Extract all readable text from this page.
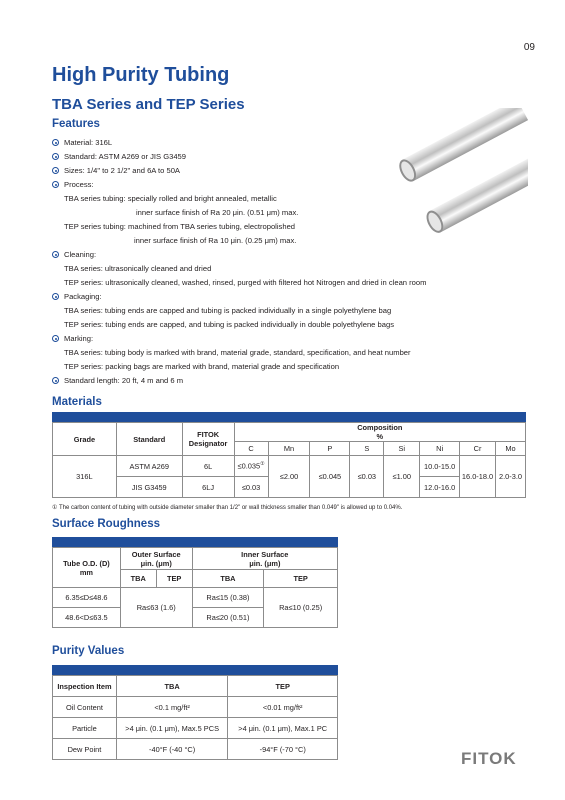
09
High Purity Tubing
TBA Series and TEP Series
Features
Material: 316L
Standard: ASTM A269 or JIS G3459
Sizes: 1/4" to 2 1/2" and 6A to 50A
Process:
TBA series tubing: specially rolled and bright annealed, metallic
inner surface finish of Ra 20 μin. (0.51 μm) max.
TEP series tubing: machined from TBA series tubing, electropolished
inner surface finish of Ra 10 μin. (0.25 μm) max.
Cleaning:
TBA series: ultrasonically cleaned and dried
TEP series: ultrasonically cleaned, washed, rinsed, purged with filtered hot Nitrogen and dried in clean room
Packaging:
TBA series: tubing ends are capped and tubing is packed individually in a single polyethylene bag
TEP series: tubing ends are capped, and tubing is packed individually in double polyethylene bags
Marking:
TBA series: tubing body is marked with brand, material grade, standard, specification, and heat number
TEP series: packing bags are marked with brand, material grade and specification
Standard length: 20 ft, 4 m and 6 m
Materials
Grade	Standard	FITOK
Designator	Composition
%							
			C	Mn	P	S	Si	Ni	Cr	Mo
316L	ASTM A269	6L	≤0.035①	≤2.00	≤0.045	≤0.03	≤1.00	10.0-15.0	16.0-18.0	2.0-3.0
	JIS G3459	6LJ	≤0.03					12.0-16.0		
① The carbon content of tubing with outside diameter smaller than 1/2" or wall thickness smaller than 0.049" is allowed up to 0.04%.
Surface Roughness
Tube O.D. (D)
mm	Outer Surface
μin. (μm)		Inner Surface
μin. (μm)	
	TBA	TEP	TBA	TEP
6.35≤D≤48.6	Ra≤63 (1.6)		Ra≤15 (0.38)	Ra≤10 (0.25)
48.6<D≤63.5			Ra≤20 (0.51)	
Purity Values
Inspection Item	TBA	TEP
Oil Content	<0.1 mg/ft²	<0.01 mg/ft²
Particle	>4 μin. (0.1 μm), Max.5 PCS	>4 μin. (0.1 μm), Max.1 PC
Dew Point	-40°F (-40 °C)	-94°F (-70 °C)	FITOK
